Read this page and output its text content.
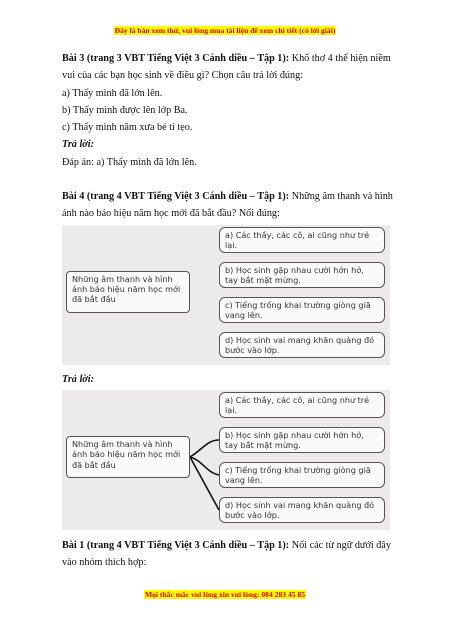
Đây là bản xem thử, vui lòng mua tài liệu để xem chi tiết (có lời giải)

Bài 3 (trang 3 VBT Tiếng Việt 3 Cánh diều – Tập 1): Khổ thơ 4 thể hiện niềm vui của các bạn học sinh về điều gì? Chọn câu trả lời đúng:

a) Thấy mình đã lớn lên.

b) Thấy mình được lên lớp Ba.

c) Thấy mình năm xưa bé tí tẹo.

Trả lời:

Đáp án: a) Thấy mình đã lớn lên.

Bài 4 (trang 4 VBT Tiếng Việt 3 Cánh diều – Tập 1): Những âm thanh và hình ảnh nào báo hiệu năm học mới đã bắt đầu? Nối đúng:

Những âm thanh và hình ảnh báo hiệu năm học mới đã bắt đầu
a) Các thầy, các cô, ai cũng như trẻ lại.
b) Học sinh gặp nhau cười hớn hở, tay bắt mặt mừng.
c) Tiếng trống khai trường giòng giã vang lên.
d) Học sinh vai mang khăn quàng đỏ bước vào lớp.

Trả lời:

Những âm thanh và hình ảnh báo hiệu năm học mới đã bắt đầu
a) Các thầy, các cô, ai cũng như trẻ lại.
b) Học sinh gặp nhau cười hớn hở, tay bắt mặt mừng.
c) Tiếng trống khai trường giòng giã vang lên.
d) Học sinh vai mang khăn quàng đỏ bước vào lớp.

Bài 1 (trang 4 VBT Tiếng Việt 3 Cánh diều – Tập 1): Nối các từ ngữ dưới đây vào nhóm thích hợp:

Mọi thắc mắc vui lòng xin vui lòng: 084 283 45 85
